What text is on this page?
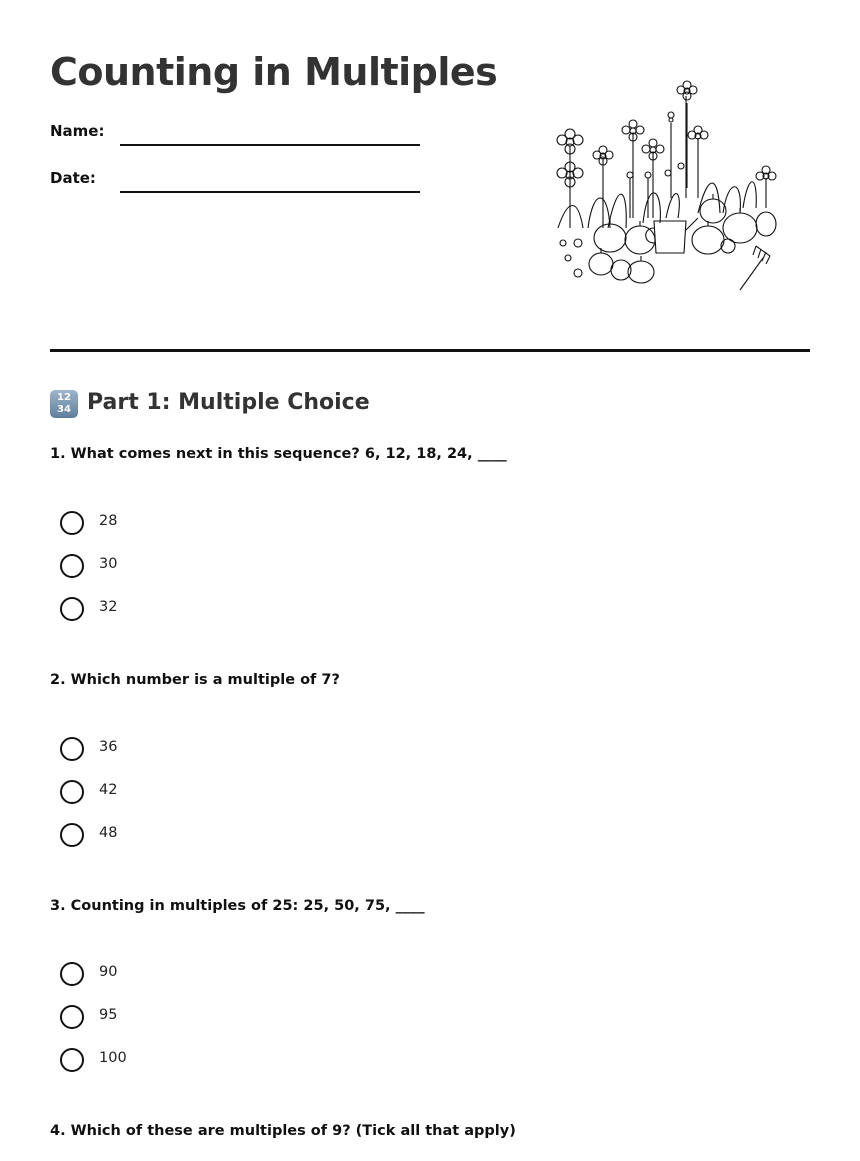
Counting in Multiples
Name:
Date:
12
34 Part 1: Multiple Choice
1. What comes next in this sequence? 6, 12, 18, 24, ____
28
30
32
2. Which number is a multiple of 7?
36
42
48
3. Counting in multiples of 25: 25, 50, 75, ____
90
95
100
4. Which of these are multiples of 9? (Tick all that apply)
